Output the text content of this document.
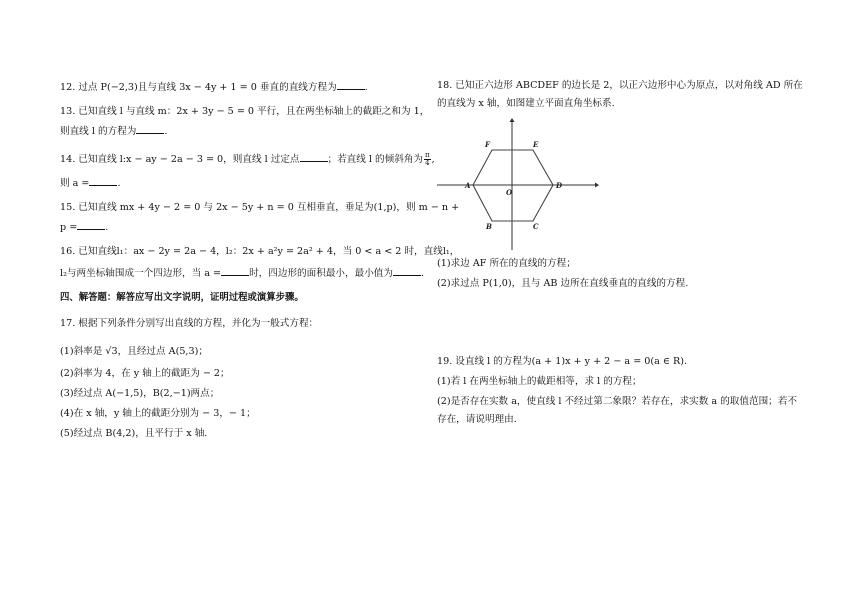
12. 过点 P(−2,3)且与直线 3x − 4y + 1 = 0 垂直的直线方程为	.
13. 已知直线 l 与直线 m：2x + 3y − 5 = 0 平行，且在两坐标轴上的截距之和为 1，
则直线 l 的方程为	.
14. 已知直线 l:x − ay − 2a − 3 = 0，则直线 l 过定点	；若直线 l 的倾斜角为 $\frac{\pi}{4}$ ,
则 a =	.
15. 已知直线 mx + 4y − 2 = 0 与 2x − 5y + n = 0 互相垂直，垂足为(1,p)，则 m − n +
p =	.
16. 已知直线l₁：ax − 2y = 2a − 4，l₂：2x + a²y = 2a² + 4，当 0 < a < 2 时，直线l₁，
l₂与两坐标轴围成一个四边形，当 a =	时，四边形的面积最小，最小值为	.
四、解答题：解答应写出文字说明，证明过程或演算步骤。
17. 根据下列条件分别写出直线的方程，并化为一般式方程：
(1)斜率是 √3，且经过点 A(5,3)；
(2)斜率为 4，在 y 轴上的截距为 − 2；
(3)经过点 A(−1,5)，B(2,−1)两点；
(4)在 x 轴，y 轴上的截距分别为 − 3，− 1；
(5)经过点 B(4,2)，且平行于 x 轴.
18. 已知正六边形 ABCDEF 的边长是 2，以正六边形中心为原点，以对角线 AD 所在
的直线为 x 轴，如图建立平面直角坐标系.
(1)求边 AF 所在的直线的方程；
(2)求过点 P(1,0)，且与 AB 边所在直线垂直的直线的方程.
19. 设直线 l 的方程为(a + 1)x + y + 2 − a = 0(a ∈ R).
(1)若 l 在两坐标轴上的截距相等，求 l 的方程；
(2)是否存在实数 a，使直线 l 不经过第二象限？若存在，求实数 a 的取值范围；若不
存在，请说明理由.
A
F	E
D
B	C
O
